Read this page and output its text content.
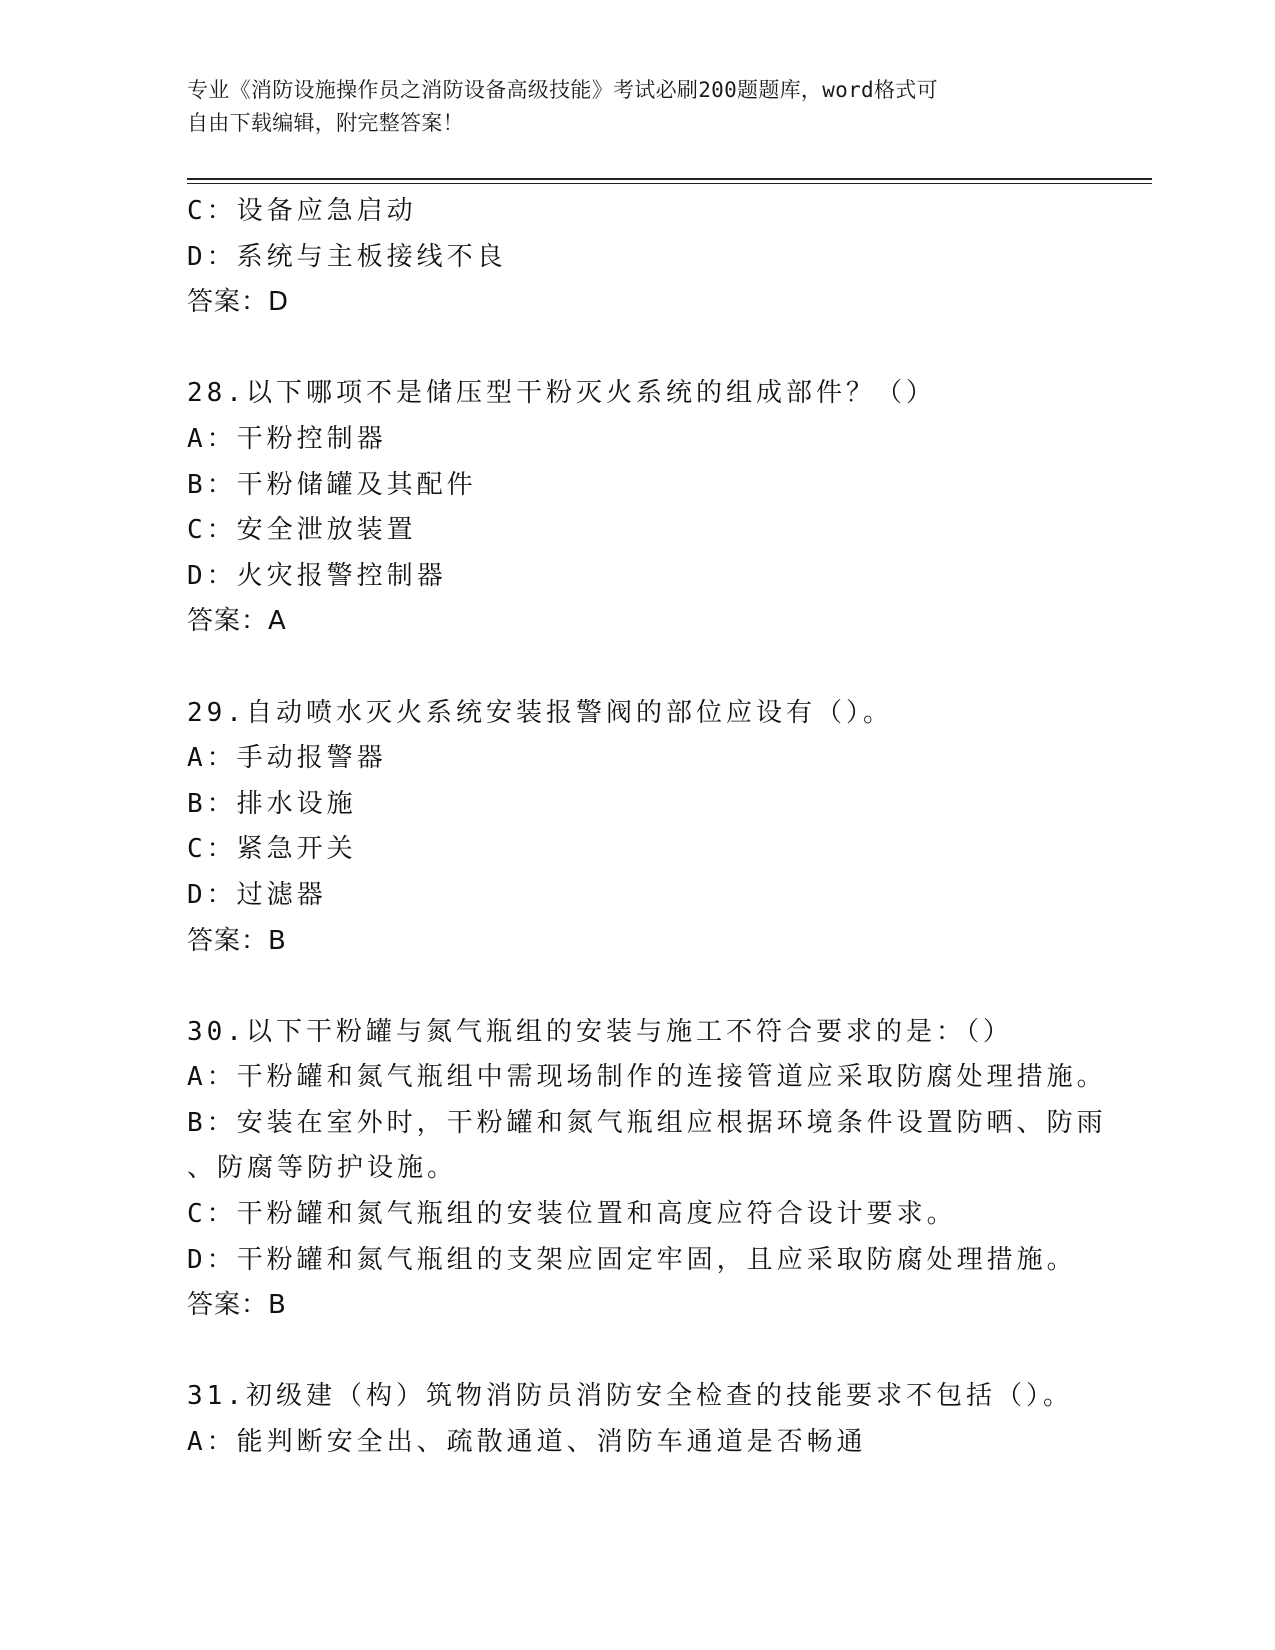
专业《消防设施操作员之消防设备高级技能》考试必刷200题题库，word格式可
自由下载编辑，附完整答案！
C：设备应急启动
D：系统与主板接线不良
答案：D
28.以下哪项不是储压型干粉灭火系统的组成部件？（）
A：干粉控制器
B：干粉储罐及其配件
C：安全泄放装置
D：火灾报警控制器
答案：A
29.自动喷水灭火系统安装报警阀的部位应设有（）。
A：手动报警器
B：排水设施
C：紧急开关
D：过滤器
答案：B
30.以下干粉罐与氮气瓶组的安装与施工不符合要求的是：（）
A：干粉罐和氮气瓶组中需现场制作的连接管道应采取防腐处理措施。
B：安装在室外时，干粉罐和氮气瓶组应根据环境条件设置防晒、防雨
、防腐等防护设施。
C：干粉罐和氮气瓶组的安装位置和高度应符合设计要求。
D：干粉罐和氮气瓶组的支架应固定牢固，且应采取防腐处理措施。
答案：B
31.初级建（构）筑物消防员消防安全检查的技能要求不包括（）。
A：能判断安全出、疏散通道、消防车通道是否畅通
